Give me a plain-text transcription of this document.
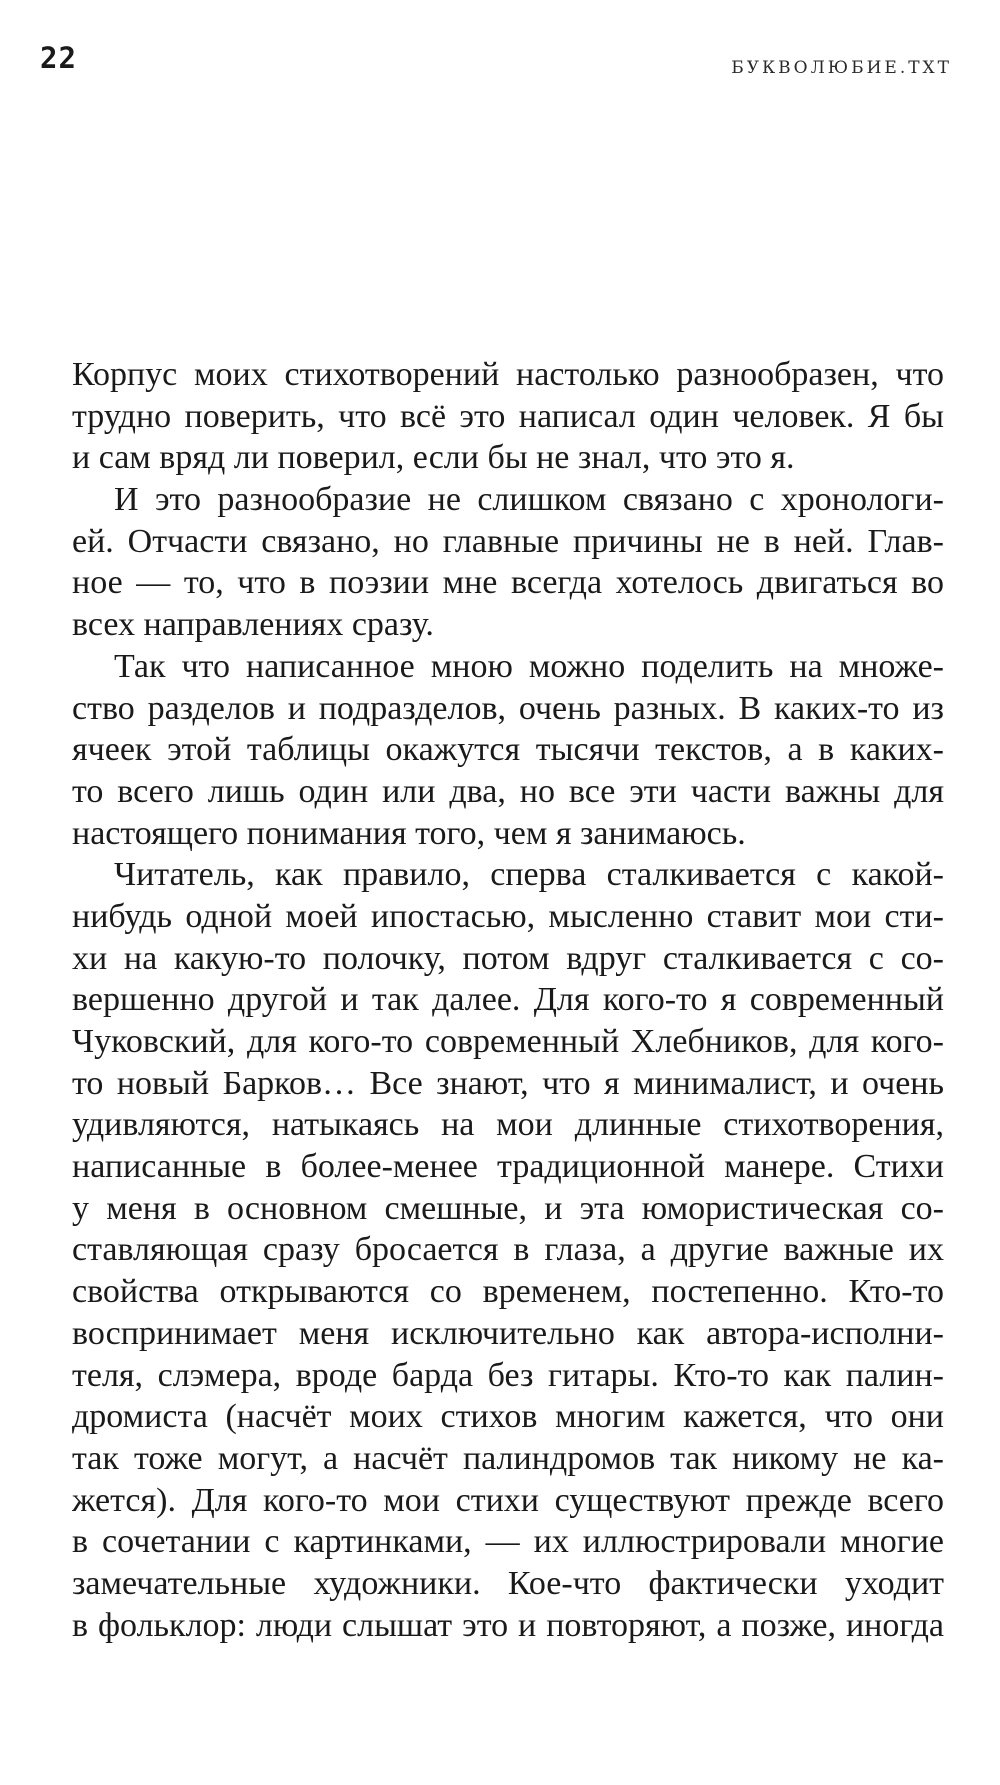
22	БУКВОЛЮБИЕ.ТХТ
Корпус моих стихотворений настолько разнообразен, что
трудно поверить, что всё это написал один человек. Я бы
и сам вряд ли поверил, если бы не знал, что это я.
И это разнообразие не слишком связано с хронологи-
ей. Отчасти связано, но главные причины не в ней. Глав-
ное — то, что в поэзии мне всегда хотелось двигаться во
всех направлениях сразу.
Так что написанное мною можно поделить на множе-
ство разделов и подразделов, очень разных. В каких-то из
ячеек этой таблицы окажутся тысячи текстов, а в каких-
то всего лишь один или два, но все эти части важны для
настоящего понимания того, чем я занимаюсь.
Читатель, как правило, сперва сталкивается с какой-
нибудь одной моей ипостасью, мысленно ставит мои сти-
хи на какую-то полочку, потом вдруг сталкивается с со-
вершенно другой и так далее. Для кого-то я современный
Чуковский, для кого-то современный Хлебников, для кого-
то новый Барков… Все знают, что я минималист, и очень
удивляются, натыкаясь на мои длинные стихотворения,
написанные в более-менее традиционной манере. Стихи
у меня в основном смешные, и эта юмористическая со-
ставляющая сразу бросается в глаза, а другие важные их
свойства открываются со временем, постепенно. Кто-то
воспринимает меня исключительно как автора-исполни-
теля, слэмера, вроде барда без гитары. Кто-то как палин-
дромиста (насчёт моих стихов многим кажется, что они
так тоже могут, а насчёт палиндромов так никому не ка-
жется). Для кого-то мои стихи существуют прежде всего
в сочетании с картинками, — их иллюстрировали многие
замечательные художники. Кое-что фактически уходит
в фольклор: люди слышат это и повторяют, а позже, иногда
